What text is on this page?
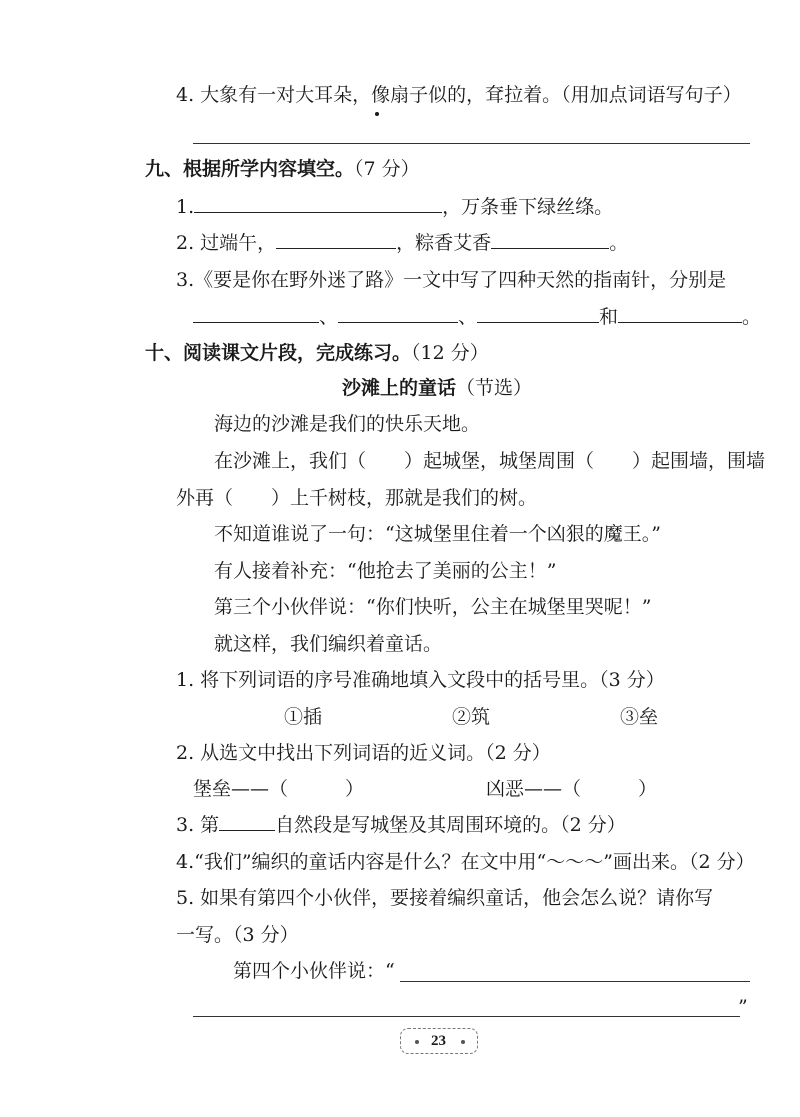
4. 大象有一对大耳朵，像扇子似的，耷拉着。（用加点词语写句子）
九、根据所学内容填空。（7 分）
1.	，万条垂下绿丝绦。
2. 过端午，	，粽香艾香	。
3.《要是你在野外迷了路》一文中写了四种天然的指南针，分别是
、	、	和	。
十、阅读课文片段，完成练习。（12 分）
沙滩上的童话（节选）
海边的沙滩是我们的快乐天地。
在沙滩上，我们（　　）起城堡，城堡周围（　　）起围墙，围墙
外再（　　）上千树枝，那就是我们的树。
不知道谁说了一句：“这城堡里住着一个凶狠的魔王。”
有人接着补充：“他抢去了美丽的公主！”
第三个小伙伴说：“你们快听，公主在城堡里哭呢！”
就这样，我们编织着童话。
1. 将下列词语的序号准确地填入文段中的括号里。（3 分）
①插	②筑	③垒
2. 从选文中找出下列词语的近义词。（2 分）
堡垒——（　　　）	凶恶——（　　　）
3. 第	自然段是写城堡及其周围环境的。（2 分）
4.“我们”编织的童话内容是什么？在文中用“～～～”画出来。（2 分）
5. 如果有第四个小伙伴，要接着编织童话，他会怎么说？请你写
一写。（3 分）
第四个小伙伴说：“
”
23
